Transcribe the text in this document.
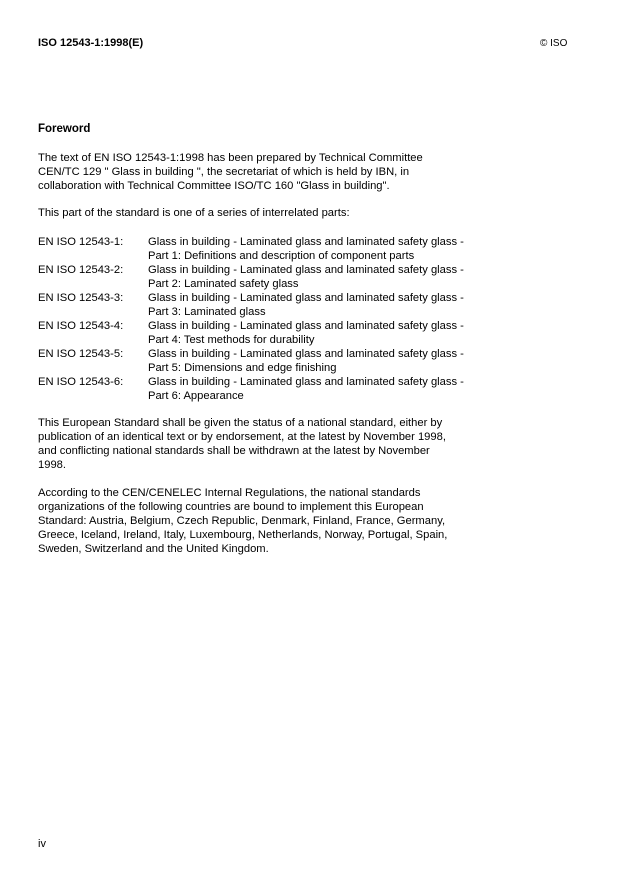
ISO 12543-1:1998(E)	© ISO
Foreword
The text of EN ISO 12543-1:1998 has been prepared by Technical Committee
CEN/TC 129 " Glass in building ", the secretariat of which is held by IBN, in
collaboration with Technical Committee ISO/TC 160 "Glass in building".
This part of the standard is one of a series of interrelated parts:
EN ISO 12543-1:	Glass in building - Laminated glass and laminated safety glass -
Part 1: Definitions and description of component parts
EN ISO 12543-2:	Glass in building - Laminated glass and laminated safety glass -
Part 2: Laminated safety glass
EN ISO 12543-3:	Glass in building - Laminated glass and laminated safety glass -
Part 3: Laminated glass
EN ISO 12543-4:	Glass in building - Laminated glass and laminated safety glass -
Part 4: Test methods for durability
EN ISO 12543-5:	Glass in building - Laminated glass and laminated safety glass -
Part 5: Dimensions and edge finishing
EN ISO 12543-6:	Glass in building - Laminated glass and laminated safety glass -
Part 6: Appearance
This European Standard shall be given the status of a national standard, either by
publication of an identical text or by endorsement, at the latest by November 1998,
and conflicting national standards shall be withdrawn at the latest by November
1998.
According to the CEN/CENELEC Internal Regulations, the national standards
organizations of the following countries are bound to implement this European
Standard: Austria, Belgium, Czech Republic, Denmark, Finland, France, Germany,
Greece, Iceland, Ireland, Italy, Luxembourg, Netherlands, Norway, Portugal, Spain,
Sweden, Switzerland and the United Kingdom.
iv
